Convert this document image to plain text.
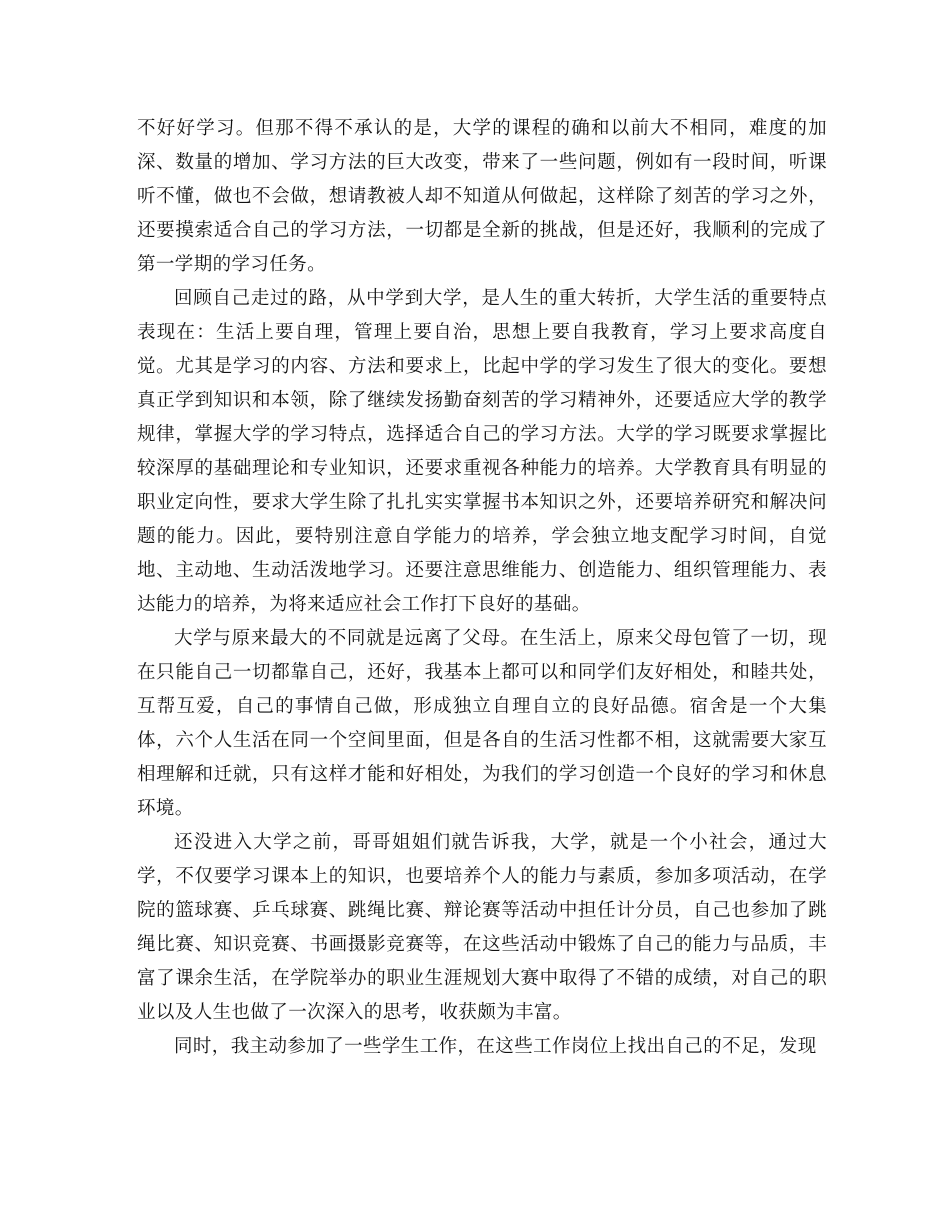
不好好学习。但那不得不承认的是，大学的课程的确和以前大不相同，难度的加深、数量的增加、学习方法的巨大改变，带来了一些问题，例如有一段时间，听课听不懂，做也不会做，想请教被人却不知道从何做起，这样除了刻苦的学习之外，还要摸索适合自己的学习方法，一切都是全新的挑战，但是还好，我顺利的完成了第一学期的学习任务。

回顾自己走过的路，从中学到大学，是人生的重大转折，大学生活的重要特点表现在：生活上要自理，管理上要自治，思想上要自我教育，学习上要求高度自觉。尤其是学习的内容、方法和要求上，比起中学的学习发生了很大的变化。要想真正学到知识和本领，除了继续发扬勤奋刻苦的学习精神外，还要适应大学的教学规律，掌握大学的学习特点，选择适合自己的学习方法。大学的学习既要求掌握比较深厚的基础理论和专业知识，还要求重视各种能力的培养。大学教育具有明显的职业定向性，要求大学生除了扎扎实实掌握书本知识之外，还要培养研究和解决问题的能力。因此，要特别注意自学能力的培养，学会独立地支配学习时间，自觉地、主动地、生动活泼地学习。还要注意思维能力、创造能力、组织管理能力、表达能力的培养，为将来适应社会工作打下良好的基础。

大学与原来最大的不同就是远离了父母。在生活上，原来父母包管了一切，现在只能自己一切都靠自己，还好，我基本上都可以和同学们友好相处，和睦共处，互帮互爱，自己的事情自己做，形成独立自理自立的良好品德。宿舍是一个大集体，六个人生活在同一个空间里面，但是各自的生活习性都不相，这就需要大家互相理解和迁就，只有这样才能和好相处，为我们的学习创造一个良好的学习和休息环境。

还没进入大学之前，哥哥姐姐们就告诉我，大学，就是一个小社会，通过大学，不仅要学习课本上的知识，也要培养个人的能力与素质，参加多项活动，在学院的篮球赛、乒乓球赛、跳绳比赛、辩论赛等活动中担任计分员，自己也参加了跳绳比赛、知识竞赛、书画摄影竞赛等，在这些活动中锻炼了自己的能力与品质，丰富了课余生活，在学院举办的职业生涯规划大赛中取得了不错的成绩，对自己的职业以及人生也做了一次深入的思考，收获颇为丰富。

同时，我主动参加了一些学生工作，在这些工作岗位上找出自己的不足，发现
